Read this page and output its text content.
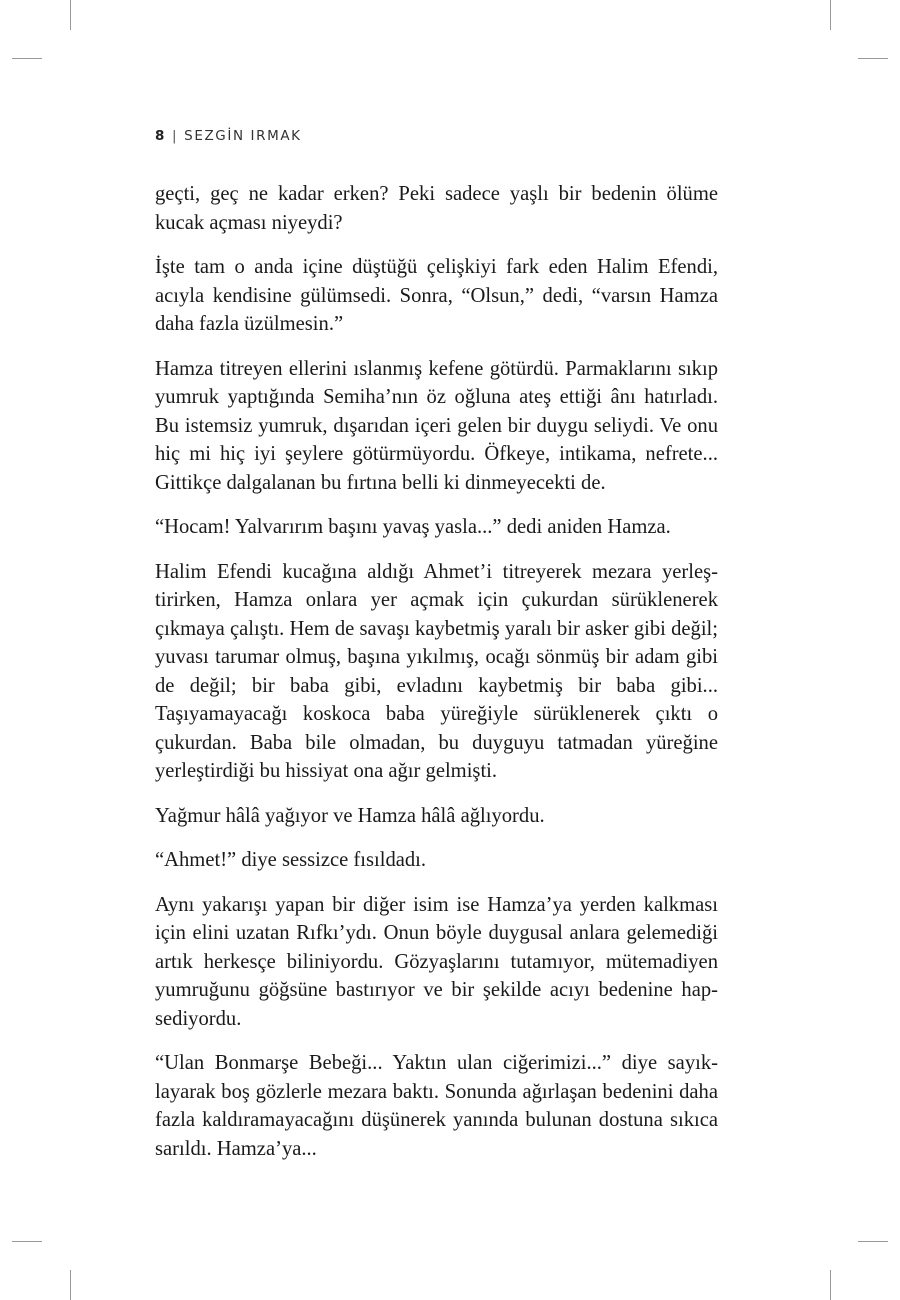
8 | SEZGİN IRMAK

geçti, geç ne kadar erken? Peki sadece yaşlı bir bedenin ölüme kucak açması niyeydi?

İşte tam o anda içine düştüğü çelişkiyi fark eden Halim Efendi, acıyla kendisine gülümsedi. Sonra, “Olsun,” dedi, “varsın Hamza daha fazla üzülmesin.”

Hamza titreyen ellerini ıslanmış kefene götürdü. Parmaklarını sıkıp yumruk yaptığında Semiha’nın öz oğluna ateş ettiği ânı hatırladı. Bu istemsiz yumruk, dışarıdan içeri gelen bir duygu seliydi. Ve onu hiç mi hiç iyi şeylere götürmüyordu. Öfkeye, intikama, nefrete... Gittikçe dalgalanan bu fırtına belli ki dinmeyecekti de.

“Hocam! Yalvarırım başını yavaş yasla...” dedi aniden Hamza.

Halim Efendi kucağına aldığı Ahmet’i titreyerek mezara yerleştirirken, Hamza onlara yer açmak için çukurdan sürüklenerek çıkmaya çalıştı. Hem de savaşı kaybetmiş yaralı bir asker gibi değil; yuvası tarumar olmuş, başına yıkılmış, ocağı sönmüş bir adam gibi de değil; bir baba gibi, evladını kaybetmiş bir baba gibi... Taşıyamayacağı koskoca baba yüreğiyle sürüklenerek çıktı o çukurdan. Baba bile olmadan, bu duyguyu tatmadan yüreğine yerleştirdiği bu hissiyat ona ağır gelmişti.

Yağmur hâlâ yağıyor ve Hamza hâlâ ağlıyordu.

“Ahmet!” diye sessizce fısıldadı.

Aynı yakarışı yapan bir diğer isim ise Hamza’ya yerden kalkması için elini uzatan Rıfkı’ydı. Onun böyle duygusal anlara gelemediği artık herkesçe biliniyordu. Gözyaşlarını tutamıyor, mütemadiyen yumruğunu göğsüne bastırıyor ve bir şekilde acıyı bedenine hapsediyordu.

“Ulan Bonmarşe Bebeği... Yaktın ulan ciğerimizi...” diye sayıklayarak boş gözlerle mezara baktı. Sonunda ağırlaşan bedenini daha fazla kaldıramayacağını düşünerek yanında bulunan dostuna sıkıca sarıldı. Hamza’ya...
